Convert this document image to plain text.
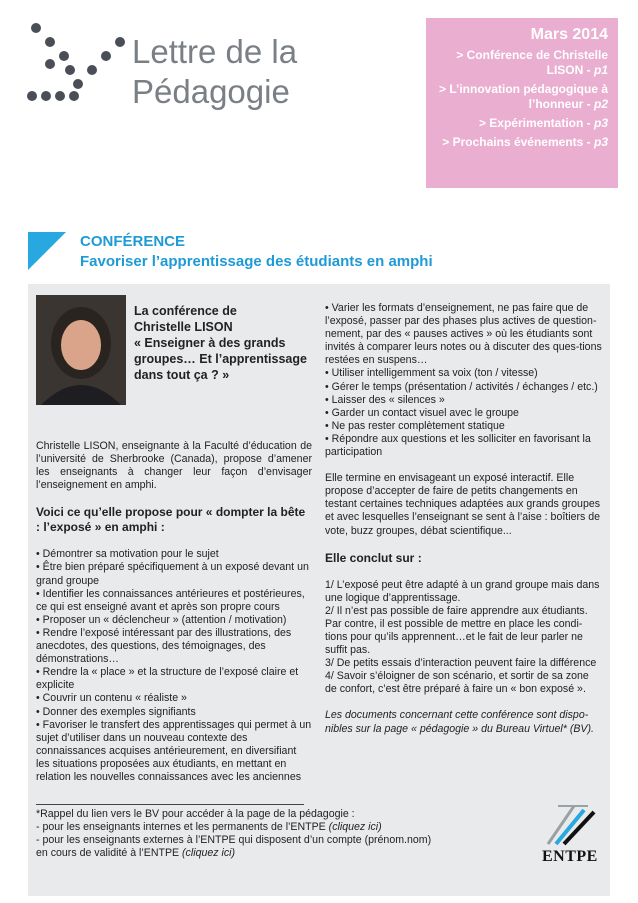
Lettre de la
Pédagogie
Mars 2014
> Conférence de Christelle LISON - p1
> L’innovation pédagogique à l’honneur - p2
> Expérimentation - p3
> Prochains événements - p3
CONFÉRENCE
Favoriser l’apprentissage des étudiants en amphi
La conférence de
Christelle LISON
« Enseigner à des grands groupes… Et l’apprentissage dans tout ça ? »

Christelle LISON, enseignante à la Faculté d’éducation de l’université de Sherbrooke (Canada), propose d’amener les enseignants à changer leur façon d’envisager l’enseignement en amphi.

Voici ce qu’elle propose pour « dompter la bête : l’exposé » en amphi :

• Démontrer sa motivation pour le sujet

• Être bien préparé spécifiquement à un exposé devant un grand groupe

• Identifier les connaissances antérieures et postérieures, ce qui est enseigné avant et après son propre cours

• Proposer un « déclencheur » (attention / motivation)

• Rendre l’exposé intéressant par des illustrations, des anecdotes, des questions, des témoignages, des démonstrations…

• Rendre la « place » et la structure de l’exposé claire et explicite

• Couvrir un contenu « réaliste »

• Donner des exemples signifiants

• Favoriser le transfert des apprentissages qui permet à un sujet d’utiliser dans un nouveau contexte des connaissances acquises antérieurement, en diversifiant les situations proposées aux étudiants, en mettant en relation les nouvelles connaissances avec les anciennes

• Varier les formats d’enseignement, ne pas faire que de l’exposé, passer par des phases plus actives de question-nement, par des « pauses actives » où les étudiants sont invités à comparer leurs notes ou à discuter des ques-tions restées en suspens…

• Utiliser intelligemment sa voix (ton / vitesse)

• Gérer le temps (présentation / activités / échanges / etc.)

• Laisser des « silences »

• Garder un contact visuel avec le groupe

• Ne pas rester complètement statique

• Répondre aux questions et les solliciter en favorisant la participation

Elle termine en envisageant un exposé interactif. Elle propose d’accepter de faire de petits changements en testant certaines techniques adaptées aux grands groupes et avec lesquelles l’enseignant se sent à l’aise : boîtiers de vote, buzz groupes, débat scientifique...

Elle conclut sur :

1/ L’exposé peut être adapté à un grand groupe mais dans une logique d’apprentissage.

2/ Il n’est pas possible de faire apprendre aux étudiants. Par contre, il est possible de mettre en place les condi-tions pour qu’ils apprennent…et le fait de leur parler ne suffit pas.

3/ De petits essais d’interaction peuvent faire la différence

4/ Savoir s’éloigner de son scénario, et sortir de sa zone de confort, c’est être préparé à faire un « bon exposé ».

Les documents concernant cette conférence sont dispo-nibles sur la page « pédagogie » du Bureau Virtuel* (BV).

*Rappel du lien vers le BV pour accéder à la page de la pédagogie :
- pour les enseignants internes et les permanents de l’ENTPE (cliquez ici)
- pour les enseignants externes à l’ENTPE qui disposent d’un compte (prénom.nom)
en cours de validité à l’ENTPE (cliquez ici)	ENTPE
